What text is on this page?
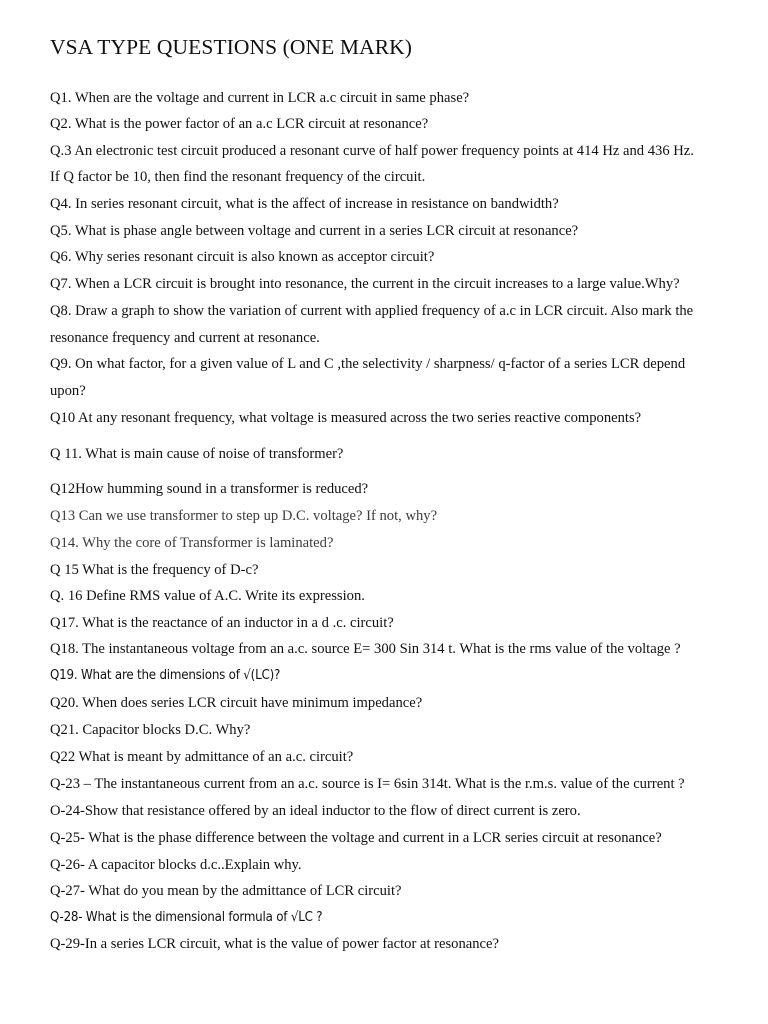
VSA TYPE QUESTIONS (ONE MARK)
Q1. When are the voltage and current in LCR a.c circuit in same phase?
Q2. What is the power factor of an a.c LCR circuit at resonance?
Q.3 An electronic test circuit produced a resonant curve of half power frequency points at 414 Hz and 436 Hz.
If Q factor be 10, then find the resonant frequency of the circuit.
Q4. In series resonant circuit, what is the affect of increase in resistance on bandwidth?
Q5. What is phase angle between voltage and current in a series LCR circuit at resonance?
Q6. Why series resonant circuit is also known as acceptor circuit?
Q7. When a LCR circuit is brought into resonance, the current in the circuit increases to a large value.Why?
Q8. Draw a graph to show the variation of current with applied frequency of a.c in LCR circuit. Also mark the
resonance frequency and current at resonance.
Q9. On what factor, for a given value of L and C ,the selectivity / sharpness/ q-factor of a series LCR depend
upon?
Q10 At any resonant frequency, what voltage is measured across the two series reactive components?
Q 11. What is main cause of noise of transformer?
Q12How humming sound in a transformer is reduced?
Q13 Can we use transformer to step up D.C. voltage? If not, why?
Q14. Why the core of Transformer is laminated?
Q 15 What is the frequency of D-c?
Q. 16 Define RMS value of A.C. Write its expression.
Q17. What is the reactance of an inductor in a d .c. circuit?
Q18. The instantaneous voltage from an a.c. source E= 300 Sin 314 t. What is the rms value of the voltage ?
Q19. What are the dimensions of √(LC)?
Q20. When does series LCR circuit have minimum impedance?
Q21. Capacitor blocks D.C. Why?
Q22 What is meant by admittance of an a.c. circuit?
Q-23 – The instantaneous current from an a.c. source is I= 6sin 314t. What is the r.m.s. value of the current ?
O-24-Show that resistance offered by an ideal inductor to the flow of direct current is zero.
Q-25- What is the phase difference between the voltage and current in a LCR series circuit at resonance?
Q-26- A capacitor blocks d.c..Explain why.
Q-27- What do you mean by the admittance of LCR circuit?
Q-28- What is the dimensional formula of √LC ?
Q-29-In a series LCR circuit, what is the value of power factor at resonance?
